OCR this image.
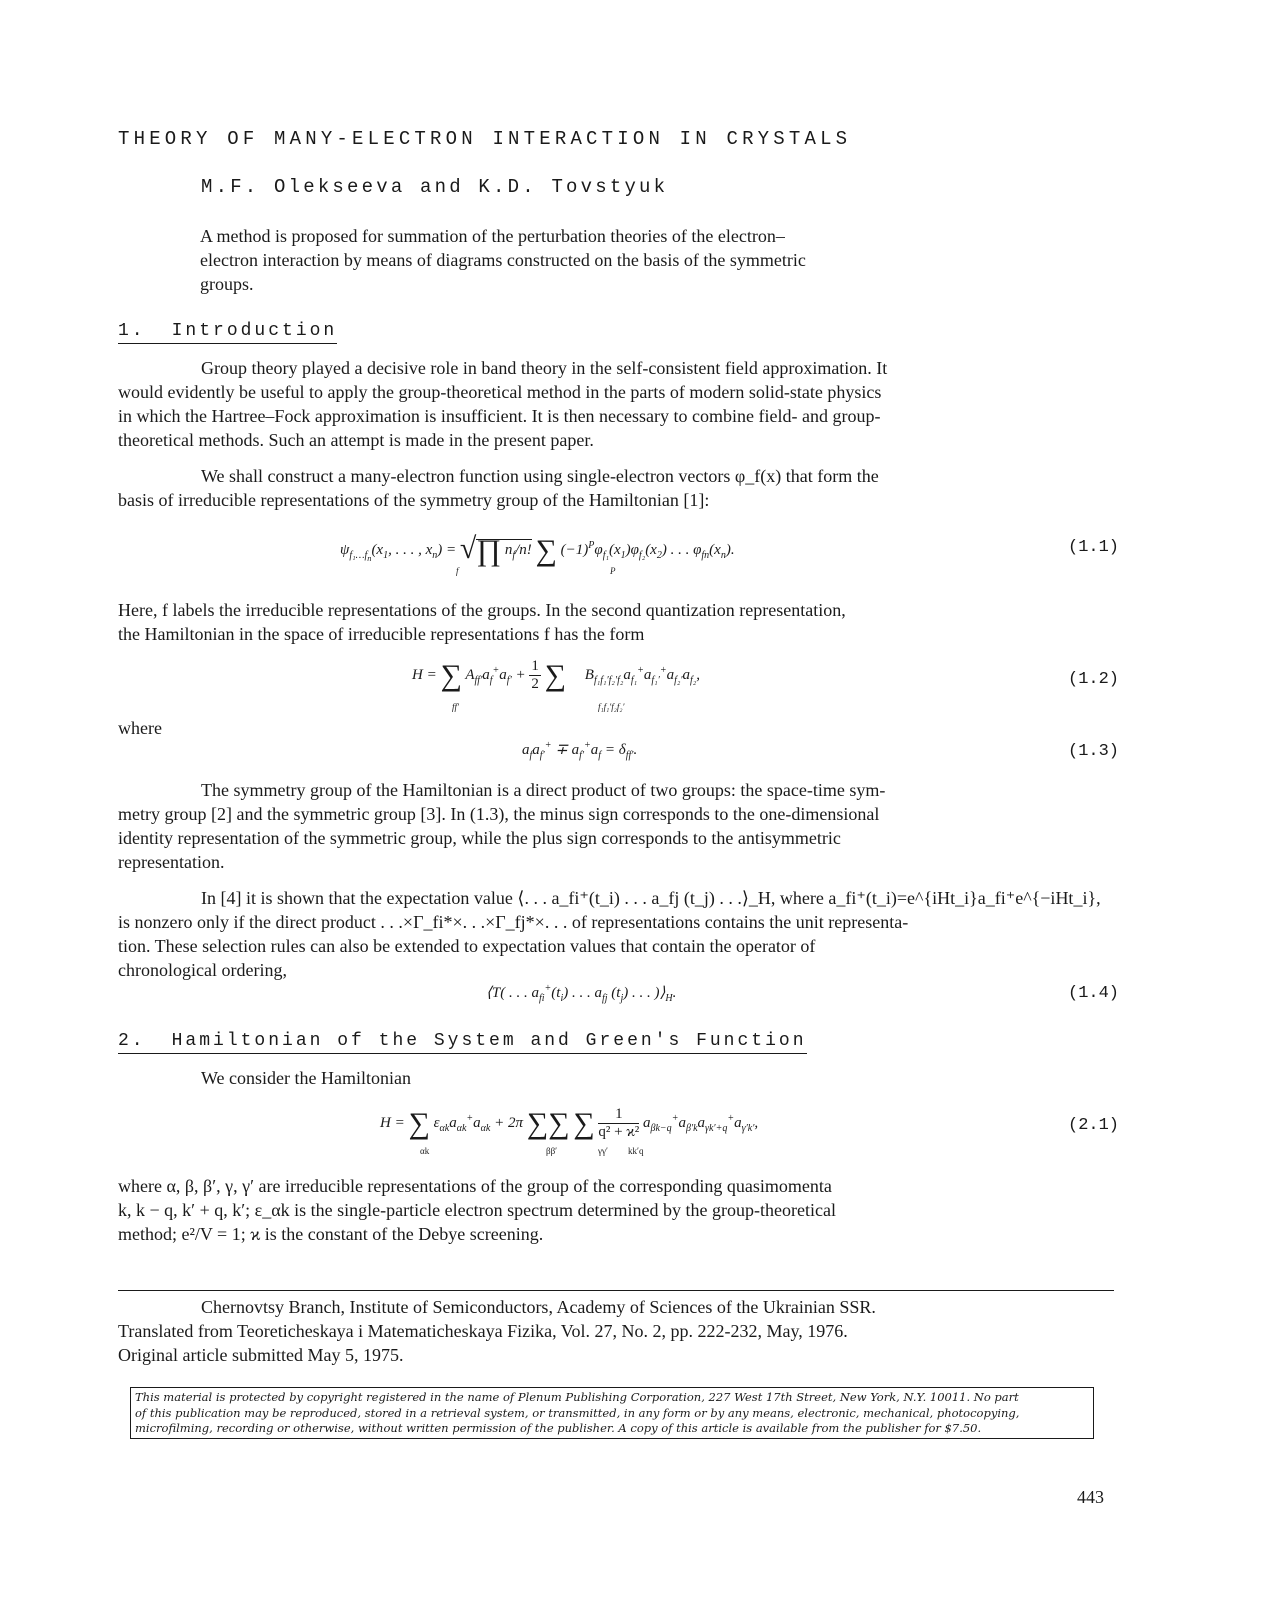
THEORY OF MANY-ELECTRON INTERACTION IN CRYSTALS
M.F. Olekseeva and K.D. Tovstyuk
A method is proposed for summation of the perturbation theories of the electron–
electron interaction by means of diagrams constructed on the basis of the symmetric
groups.
1. Introduction
Group theory played a decisive role in band theory in the self-consistent field approximation. It
would evidently be useful to apply the group-theoretical method in the parts of modern solid-state physics
in which the Hartree–Fock approximation is insufficient. It is then necessary to combine field- and group-
theoretical methods. Such an attempt is made in the present paper.
We shall construct a many-electron function using single-electron vectors φ_f(x) that form the
basis of irreducible representations of the symmetry group of the Hamiltonian [1]:
$\psi_{f_1\dots f_n}(x_1$, . . . , $x_n$) = √∏ $n_f/n$! ∑ $(-1)^P\varphi_{f_1}(x_1)\varphi_{f_2}(x_2)$ . . . $\varphi_{fn}(x_n)$.
f	P
(1.1)
Here, f labels the irreducible representations of the groups. In the second quantization representation,
the Hamiltonian in the space of irreducible representations f has the form
H = ∑ $A_{ff'}a_f^+a_{f'} + \frac{1}{2}$ ∑     $B_{f_1f_1'f_2'f_2}a_{f_1}^+a_{f_1'}^+a_{f_2'}a_{f_2}$,
ff′	f₁f₁′f₂f₂′
(1.2)
where
$a_fa_{f'}^+ \mp a_{f'}^+a_f = \delta_{ff'}$.	(1.3)
The symmetry group of the Hamiltonian is a direct product of two groups: the space-time sym-
metry group [2] and the symmetric group [3]. In (1.3), the minus sign corresponds to the one-dimensional
identity representation of the symmetric group, while the plus sign corresponds to the antisymmetric
representation.
In [4] it is shown that the expectation value ⟨. . . a_fi⁺(t_i) . . . a_fj (t_j) . . .⟩_H, where a_fi⁺(t_i)=e^{iHt_i}a_fi⁺e^{−iHt_i},
is nonzero only if the direct product . . .×Γ_fi*×. . .×Γ_fj*×. . . of representations contains the unit representa-
tion. These selection rules can also be extended to expectation values that contain the operator of
chronological ordering,
⟨T( . . . $a_{fi}^+(t_i)$ . . . $a_{fj}$ $(t_j)$ . . . )$⟩_H$.	(1.4)
2. Hamiltonian of the System and Green's Function
We consider the Hamiltonian
H = ∑ $\varepsilon_{\alpha k}a_{\alpha k}^+a_{\alpha k} + 2\pi$ ∑∑ ∑ $\frac{1}{\text{q² + ϰ²}} a_{\beta k-q}^+a_{\beta'k}a_{\gamma k'+q}^+a_{\gamma'k'}$,
αk	ββ′	γγ′ kk′q
(2.1)
where α, β, β′, γ, γ′ are irreducible representations of the group of the corresponding quasimomenta
k, k − q, k′ + q, k′; ε_αk is the single-particle electron spectrum determined by the group-theoretical
method; e²/V = 1; ϰ is the constant of the Debye screening.
Chernovtsy Branch, Institute of Semiconductors, Academy of Sciences of the Ukrainian SSR.
Translated from Teoreticheskaya i Matematicheskaya Fizika, Vol. 27, No. 2, pp. 222-232, May, 1976.
Original article submitted May 5, 1975.
This material is protected by copyright registered in the name of Plenum Publishing Corporation, 227 West 17th Street, New York, N.Y. 10011. No part
of this publication may be reproduced, stored in a retrieval system, or transmitted, in any form or by any means, electronic, mechanical, photocopying,
microfilming, recording or otherwise, without written permission of the publisher. A copy of this article is available from the publisher for $7.50.
443
